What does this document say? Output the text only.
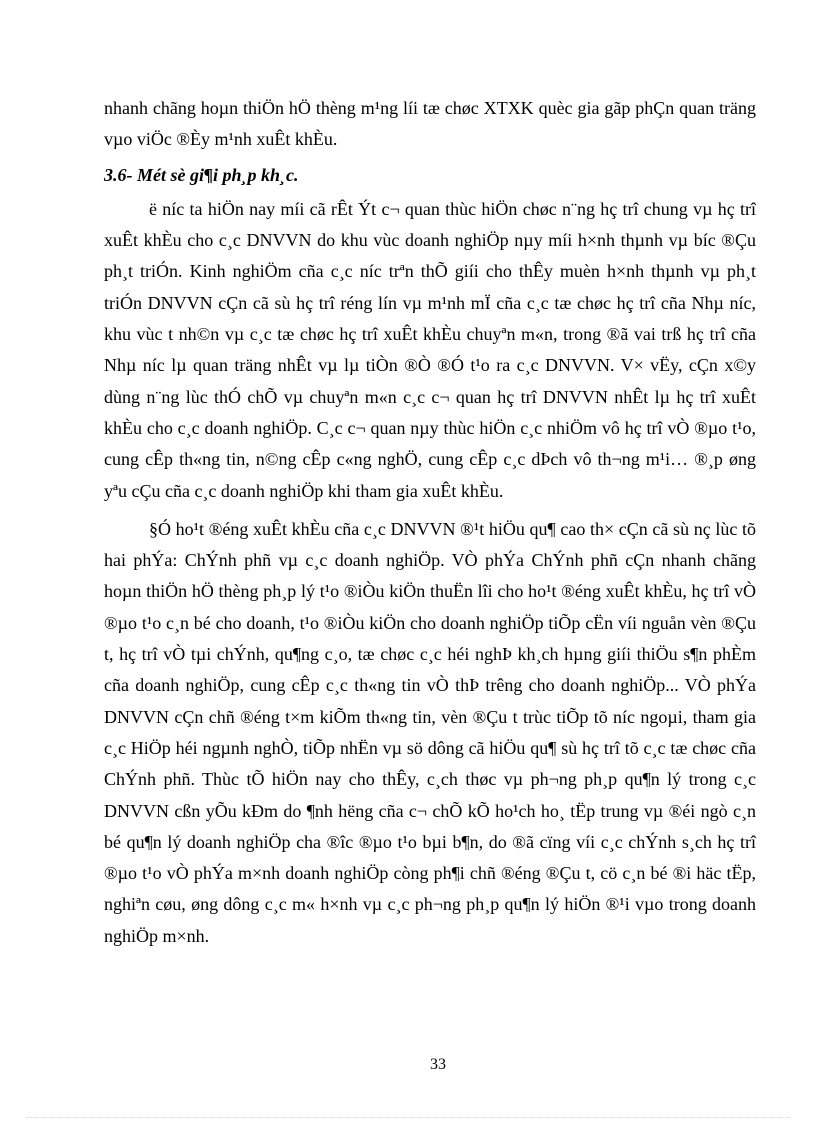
nhanh chãng hoµn thiÖn hÖ thèng m¹ng líi tæ chøc XTXK quèc gia gãp phÇn quan träng vµo viÖc ®Èy m¹nh xuÊt khÈu.

3.6- Mét sè gi¶i ph¸p kh¸c.

ë níc ta hiÖn nay míi cã rÊt Ýt c¬ quan thùc hiÖn chøc n¨ng hç trî chung vµ hç trî xuÊt khÈu cho c¸c DNVVN do khu vùc doanh nghiÖp nµy míi h×nh thµnh vµ bíc ®Çu ph¸t triÓn. Kinh nghiÖm cña c¸c níc trªn thÕ giíi cho thÊy muèn h×nh thµnh vµ ph¸t triÓn DNVVN cÇn cã sù hç trî réng lín vµ m¹nh mÏ cña c¸c tæ chøc hç trî cña Nhµ níc, khu vùc t nh©n vµ c¸c tæ chøc hç trî xuÊt khÈu chuyªn m«n, trong ®ã vai trß hç trî cña Nhµ níc lµ quan träng nhÊt vµ lµ tiÒn ®Ò ®Ó t¹o ra c¸c DNVVN. V× vËy, cÇn x©y dùng n¨ng lùc thÓ chÕ vµ chuyªn m«n c¸c c¬ quan hç trî DNVVN nhÊt lµ hç trî xuÊt khÈu cho c¸c doanh nghiÖp. C¸c c¬ quan nµy thùc hiÖn c¸c nhiÖm vô hç trî vÒ ®µo t¹o, cung cÊp th«ng tin, n©ng cÊp c«ng nghÖ, cung cÊp c¸c dÞch vô th¬ng m¹i… ®¸p øng yªu cÇu cña c¸c doanh nghiÖp khi tham gia xuÊt khÈu.

§Ó ho¹t ®éng xuÊt khÈu cña c¸c DNVVN ®¹t hiÖu qu¶ cao th× cÇn cã sù nç lùc tõ hai phÝa: ChÝnh phñ vµ c¸c doanh nghiÖp. VÒ phÝa ChÝnh phñ cÇn nhanh chãng hoµn thiÖn hÖ thèng ph¸p lý t¹o ®iÒu kiÖn thuËn lîi cho ho¹t ®éng xuÊt khÈu, hç trî vÒ ®µo t¹o c¸n bé cho doanh, t¹o ®iÒu kiÖn cho doanh nghiÖp tiÕp cËn víi nguån vèn ®Çu t, hç trî vÒ tµi chÝnh, qu¶ng c¸o, tæ chøc c¸c héi nghÞ kh¸ch hµng giíi thiÖu s¶n phÈm cña doanh nghiÖp, cung cÊp c¸c th«ng tin vÒ thÞ trêng cho doanh nghiÖp... VÒ phÝa DNVVN cÇn chñ ®éng t×m kiÕm th«ng tin, vèn ®Çu t trùc tiÕp tõ níc ngoµi, tham gia c¸c HiÖp héi ngµnh nghÒ, tiÕp nhËn vµ sö dông cã hiÖu qu¶ sù hç trî tõ c¸c tæ chøc cña ChÝnh phñ. Thùc tÕ hiÖn nay cho thÊy, c¸ch thøc vµ ph¬ng ph¸p qu¶n lý trong c¸c DNVVN cßn yÕu kÐm do ¶nh hëng cña c¬ chÕ kÕ ho¹ch ho¸ tËp trung vµ ®éi ngò c¸n bé qu¶n lý doanh nghiÖp cha ®îc ®µo t¹o bµi b¶n, do ®ã cïng víi c¸c chÝnh s¸ch hç trî ®µo t¹o vÒ phÝa m×nh doanh nghiÖp còng ph¶i chñ ®éng ®Çu t, cö c¸n bé ®i häc tËp, nghiªn cøu, øng dông c¸c m« h×nh vµ c¸c ph¬ng ph¸p qu¶n lý hiÖn ®¹i vµo trong doanh nghiÖp m×nh.

33
